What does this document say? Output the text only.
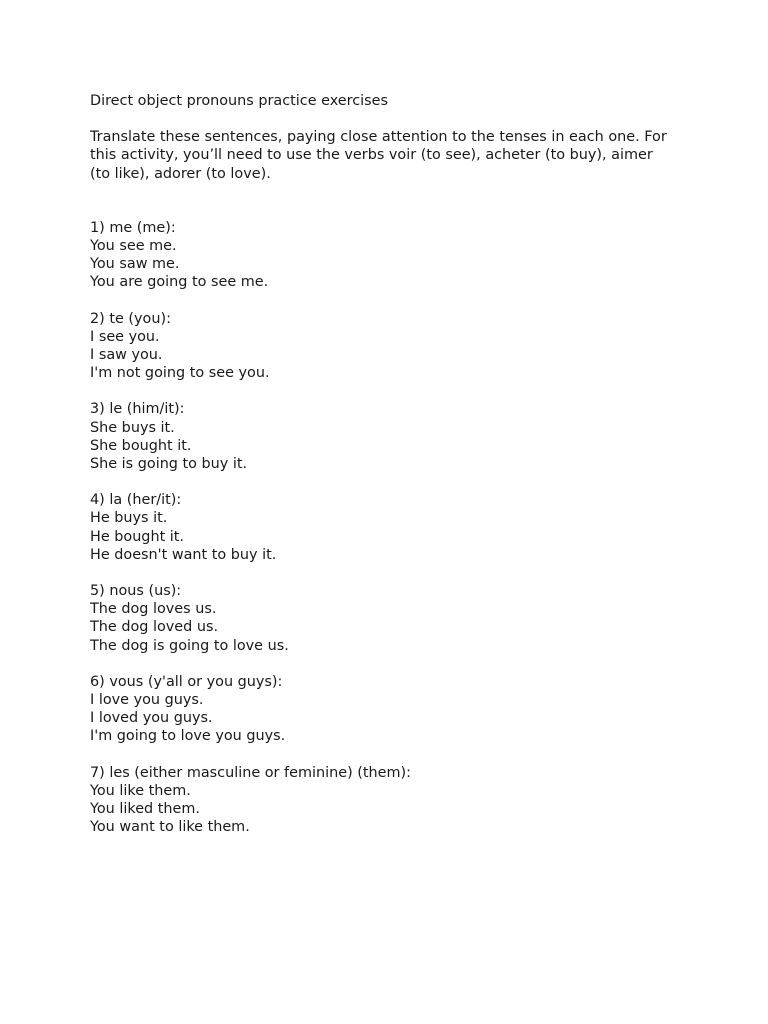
Direct object pronouns practice exercises
Translate these sentences, paying close attention to the tenses in each one. For this activity, you’ll need to use the verbs voir (to see), acheter (to buy), aimer (to like), adorer (to love).
1) me (me):
You see me.
You saw me.
You are going to see me.
2) te (you):
I see you.
I saw you.
I'm not going to see you.
3) le (him/it):
She buys it.
She bought it.
She is going to buy it.
4) la (her/it):
He buys it.
He bought it.
He doesn't want to buy it.
5) nous (us):
The dog loves us.
The dog loved us.
The dog is going to love us.
6) vous (y'all or you guys):
I love you guys.
I loved you guys.
I'm going to love you guys.
7) les (either masculine or feminine) (them):
You like them.
You liked them.
You want to like them.
